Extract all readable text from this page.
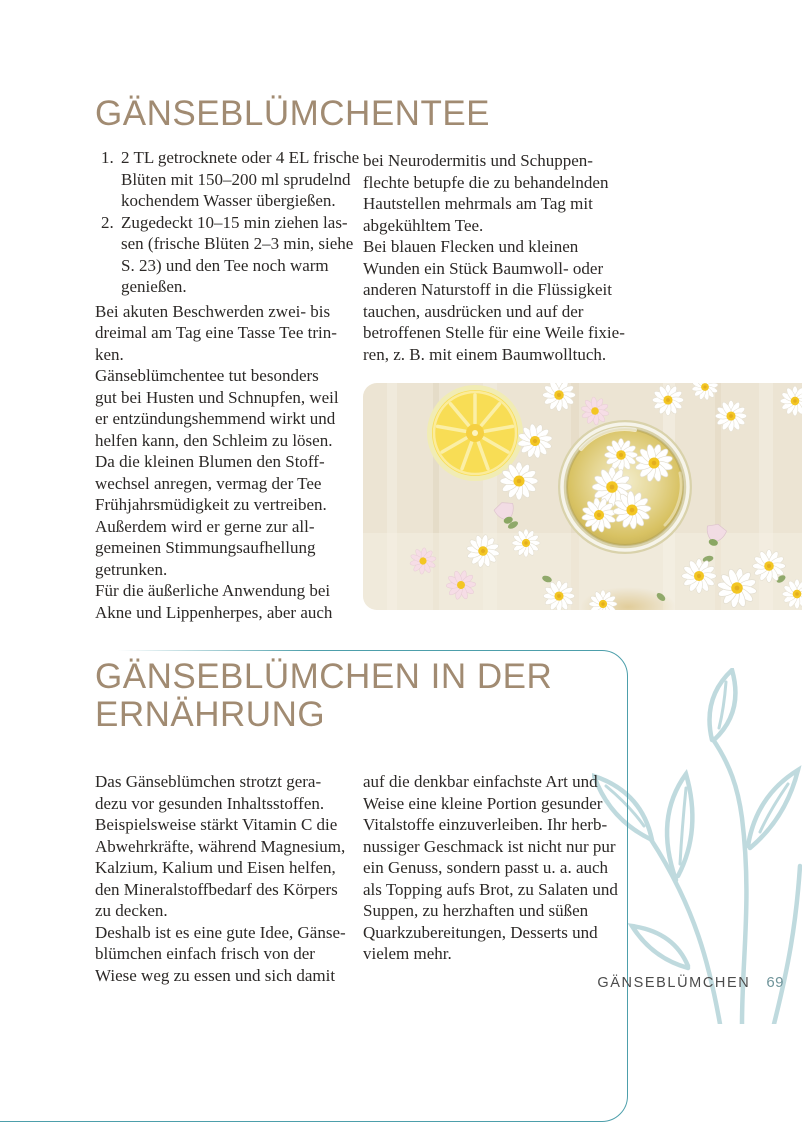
GÄNSEBLÜMCHENTEE
1. 2 TL getrocknete oder 4 EL frische
Blüten mit 150–200 ml sprudelnd
kochendem Wasser übergießen.
2. Zugedeckt 10–15 min ziehen las-
sen (frische Blüten 2–3 min, siehe
S. 23) und den Tee noch warm
genießen.
Bei akuten Beschwerden zwei- bis
dreimal am Tag eine Tasse Tee trin-
ken.
Gänseblümchentee tut besonders
gut bei Husten und Schnupfen, weil
er entzündungshemmend wirkt und
helfen kann, den Schleim zu lösen.
Da die kleinen Blumen den Stoff-
wechsel anregen, vermag der Tee
Frühjahrsmüdigkeit zu vertreiben.
Außerdem wird er gerne zur all-
gemeinen Stimmungsaufhellung
getrunken.
Für die äußerliche Anwendung bei
Akne und Lippenherpes, aber auch
bei Neurodermitis und Schuppen-
flechte betupfe die zu behandelnden
Hautstellen mehrmals am Tag mit
abgekühltem Tee.
Bei blauen Flecken und kleinen
Wunden ein Stück Baumwoll- oder
anderen Naturstoff in die Flüssigkeit
tauchen, ausdrücken und auf der
betroffenen Stelle für eine Weile fixie-
ren, z. B. mit einem Baumwolltuch.
GÄNSEBLÜMCHEN IN DER
ERNÄHRUNG
Das Gänseblümchen strotzt gera-
dezu vor gesunden Inhaltsstoffen.
Beispielsweise stärkt Vitamin C die
Abwehrkräfte, während Magnesium,
Kalzium, Kalium und Eisen helfen,
den Mineralstoffbedarf des Körpers
zu decken.
Deshalb ist es eine gute Idee, Gänse-
blümchen einfach frisch von der
Wiese weg zu essen und sich damit
auf die denkbar einfachste Art und
Weise eine kleine Portion gesunder
Vitalstoffe einzuverleiben. Ihr herb-
nussiger Geschmack ist nicht nur pur
ein Genuss, sondern passt u. a. auch
als Topping aufs Brot, zu Salaten und
Suppen, zu herzhaften und süßen
Quarkzubereitungen, Desserts und
vielem mehr.
GÄNSEBLÜMCHEN 69
